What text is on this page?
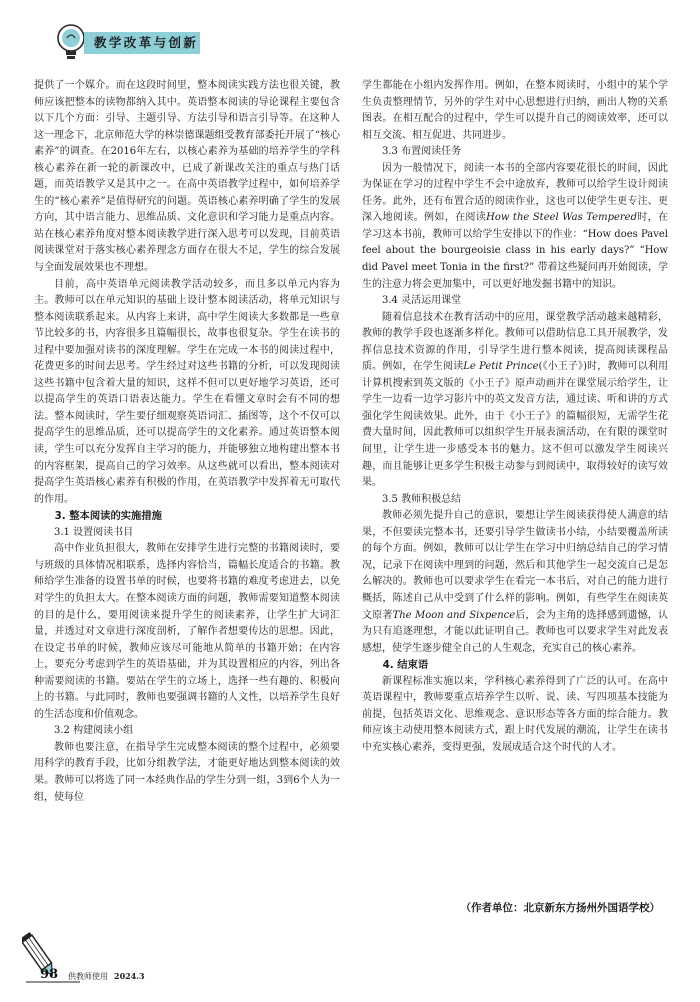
教学改革与创新

提供了一个媒介。而在这段时间里，整本阅读实践方法也很关键，教师应该把整本的读物都纳入其中。英语整本阅读的导论课程主要包含以下几个方面：引导、主题引导、方法引导和语言引导等。在这种人这一理念下，北京师范大学的林崇德课题组受教育部委托开展了“核心素养”的调查。在2016年左右，以核心素养为基础的培养学生的学科核心素养在新一轮的新课改中，已成了新课改关注的重点与热门话题，而英语教学又是其中之一。在高中英语教学过程中，如何培养学生的“核心素养”是值得研究的问题。英语核心素养明确了学生的发展方向，其中语言能力、思维品质、文化意识和学习能力是重点内容。站在核心素养角度对整本阅读教学进行深入思考可以发现，目前英语阅读课堂对于落实核心素养理念方面存在很大不足，学生的综合发展与全面发展效果也不理想。

目前，高中英语单元阅读教学活动较多，而且多以单元内容为主。教师可以在单元知识的基础上设计整本阅读活动，将单元知识与整本阅读联系起来。从内容上来讲，高中学生阅读大多数都是一些章节比较多的书，内容很多且篇幅很长，故事也很复杂。学生在读书的过程中要加强对读书的深度理解。学生在完成一本书的阅读过程中，花费更多的时间去思考。学生经过对这些书籍的分析，可以发现阅读这些书籍中包含着大量的知识，这样不但可以更好地学习英语，还可以提高学生的英语口语表达能力。学生在看懂文章时会有不同的想法。整本阅读时，学生要仔细观察英语词汇、插图等，这个不仅可以提高学生的思维品质，还可以提高学生的文化素养。通过英语整本阅读，学生可以充分发挥自主学习的能力，并能够独立地构建出整本书的内容框架，提高自己的学习效率。从这些就可以看出，整本阅读对提高学生英语核心素养有积极的作用，在英语教学中发挥着无可取代的作用。

3. 整本阅读的实施措施
3.1 设置阅读书目

高中作业负担很大，教师在安排学生进行完整的书籍阅读时，要与班级的具体情况相联系，选择内容恰当，篇幅长度适合的书籍。教师给学生准备的设置书单的时候，也要将书籍的难度考虑进去，以免对学生的负担太大。在整本阅读方面的问题，教师需要知道整本阅读的目的是什么，要用阅读来提升学生的阅读素养，让学生扩大词汇量，并透过对文章进行深度剖析，了解作者想要传达的思想。因此，在设定书单的时候，教师应该尽可能地从简单的书籍开始；在内容上，要充分考虑到学生的英语基础，并为其设置相应的内容，列出各种需要阅读的书籍。要站在学生的立场上，选择一些有趣的、积极向上的书籍。与此同时，教师也要强调书籍的人文性，以培养学生良好的生活态度和价值观念。

3.2 构建阅读小组

教师也要注意，在指导学生完成整本阅读的整个过程中，必须要用科学的教育手段，比如分组教学法，才能更好地达到整本阅读的效果。教师可以将选了同一本经典作品的学生分到一组，3到6个人为一组，使每位

学生都能在小组内发挥作用。例如，在整本阅读时，小组中的某个学生负责整理情节，另外的学生对中心思想进行归纳，画出人物的关系图表。在相互配合的过程中，学生可以提升自己的阅读效率，还可以相互交流、相互促进、共同进步。

3.3 布置阅读任务

因为一般情况下，阅读一本书的全部内容要花很长的时间，因此为保证在学习的过程中学生不会中途放弃，教师可以给学生设计阅读任务。此外，还有布置合适的阅读作业，这也可以使学生更专注、更深入地阅读。例如，在阅读How the Steel Was Tempered时，在学习这本书前，教师可以给学生安排以下的作业：“How does Pavel feel about the bourgeoisie class in his early days?” “How did Pavel meet Tonia in the first?” 带着这些疑问再开始阅读，学生的注意力将会更加集中，可以更好地发掘书籍中的知识。

3.4 灵活运用课堂

随着信息技术在教育活动中的应用，课堂教学活动越来越精彩，教师的教学手段也逐渐多样化。教师可以借助信息工具开展教学，发挥信息技术资源的作用，引导学生进行整本阅读，提高阅读课程品质。例如，在学生阅读Le Petit Prince(《小王子》)时，教师可以利用计算机搜索到英文版的《小王子》原声动画并在课堂展示给学生，让学生一边看一边学习影片中的英文发音方法，通过读、听和讲的方式强化学生阅读效果。此外，由于《小王子》的篇幅很短，无需学生花费大量时间，因此教师可以组织学生开展表演活动，在有限的课堂时间里，让学生进一步感受本书的魅力。这不但可以激发学生阅读兴趣，而且能够让更多学生积极主动参与到阅读中，取得较好的读写效果。

3.5 教师积极总结

教师必须先提升自己的意识，要想让学生阅读获得使人满意的结果，不但要读完整本书，还要引导学生做读书小结，小结要覆盖所读的每个方面。例如，教师可以让学生在学习中归纳总结自己的学习情况，记录下在阅读中理到的问题，然后和其他学生一起交流自己是怎么解决的。教师也可以要求学生在看完一本书后，对自己的能力进行概括，陈述自己从中受到了什么样的影响。例如，有些学生在阅读英文原著The Moon and Sixpence后，会为主角的选择感到遗憾，认为只有追逐理想，才能以此证明自己。教师也可以要求学生对此发表感想，使学生逐步健全自己的人生观念，充实自己的核心素养。

4. 结束语

新课程标准实施以来，学科核心素养得到了广泛的认可。在高中英语课程中，教师要重点培养学生以听、说、读、写四项基本技能为前提，包括英语文化、思维观念、意识形态等各方面的综合能力。教师应该主动使用整本阅读方式，跟上时代发展的潮流，让学生在读书中充实核心素养，变得更强，发展成适合这个时代的人才。

（作者单位：北京新东方扬州外国语学校）
98 供教师使用 2024.3
